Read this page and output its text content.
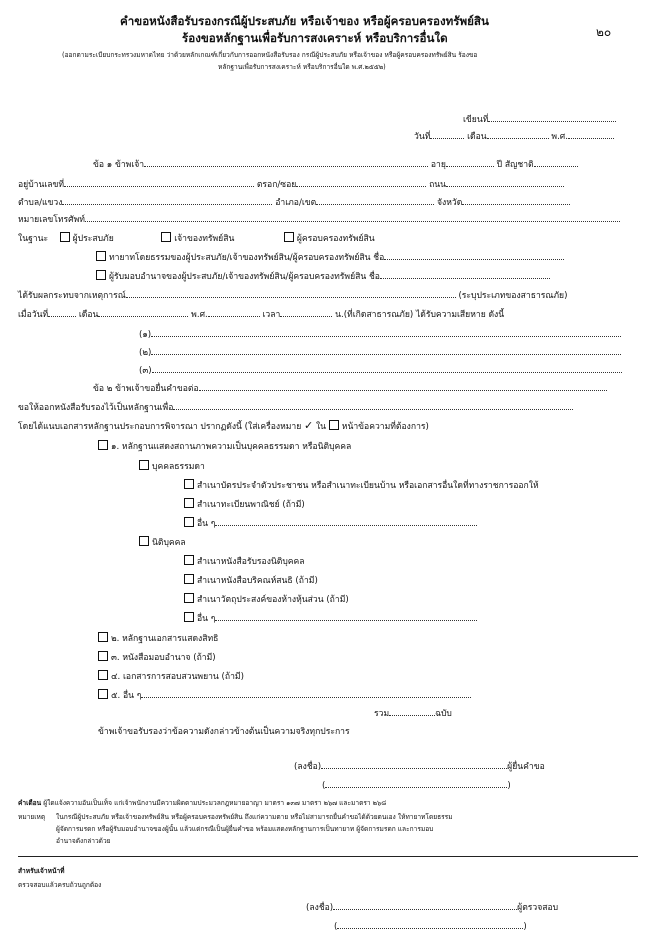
๒๐
คำขอหนังสือรับรองกรณีผู้ประสบภัย หรือเจ้าของ หรือผู้ครอบครองทรัพย์สิน
ร้องขอหลักฐานเพื่อรับการสงเคราะห์ หรือบริการอื่นใด
(ออกตามระเบียบกระทรวงมหาดไทย ว่าด้วยหลักเกณฑ์เกี่ยวกับการออกหนังสือรับรอง กรณีผู้ประสบภัย หรือเจ้าของ หรือผู้ครอบครองทรัพย์สิน ร้องขอ
หลักฐานเพื่อรับการสงเคราะห์ หรือบริการอื่นใด พ.ศ.๒๕๕๒)
เขียนที่
วันที่	เดือน	พ.ศ.
ข้อ ๑ ข้าพเจ้า	อายุ	ปี สัญชาติ
อยู่บ้านเลขที่	ตรอก/ซอย	ถนน
ตำบล/แขวง	อำเภอ/เขต	จังหวัด
หมายเลขโทรศัพท์
ในฐานะ	ผู้ประสบภัย	เจ้าของทรัพย์สิน	ผู้ครอบครองทรัพย์สิน
ทายาทโดยธรรมของผู้ประสบภัย/เจ้าของทรัพย์สิน/ผู้ครอบครองทรัพย์สิน ชื่อ
ผู้รับมอบอำนาจของผู้ประสบภัย/เจ้าของทรัพย์สิน/ผู้ครอบครองทรัพย์สิน ชื่อ
ได้รับผลกระทบจากเหตุการณ์	(ระบุประเภทของสาธารณภัย)
เมื่อวันที่	เดือน	พ.ศ.	เวลา	น.(ที่เกิดสาธารณภัย) ได้รับความเสียหาย ดังนี้
(๑)
(๒)
(๓)
ข้อ ๒ ข้าพเจ้าขอยื่นคำขอต่อ
ขอให้ออกหนังสือรับรองไว้เป็นหลักฐานเพื่อ
โดยได้แนบเอกสารหลักฐานประกอบการพิจารณา ปรากฏดังนี้ (ใส่เครื่องหมาย ✓ ใน หน้าข้อความที่ต้องการ)
๑. หลักฐานแสดงสถานภาพความเป็นบุคคลธรรมดา หรือนิติบุคคล
บุคคลธรรมดา
สำเนาบัตรประจำตัวประชาชน หรือสำเนาทะเบียนบ้าน หรือเอกสารอื่นใดที่ทางราชการออกให้
สำเนาทะเบียนพาณิชย์ (ถ้ามี)
อื่น ๆ
นิติบุคคล
สำเนาหนังสือรับรองนิติบุคคล
สำเนาหนังสือบริคณห์สนธิ (ถ้ามี)
สำเนาวัตถุประสงค์ของห้างหุ้นส่วน (ถ้ามี)
อื่น ๆ
๒. หลักฐานเอกสารแสดงสิทธิ
๓. หนังสือมอบอำนาจ (ถ้ามี)
๔. เอกสารการสอบสวนพยาน (ถ้ามี)
๕. อื่น ๆ
รวม	ฉบับ
ข้าพเจ้าขอรับรองว่าข้อความดังกล่าวข้างต้นเป็นความจริงทุกประการ
(ลงชื่อ)	ผู้ยื่นคำขอ
(	)
คำเตือน ผู้ใดแจ้งความอันเป็นเท็จ แก่เจ้าพนักงานมีความผิดตามประมวลกฎหมายอาญา มาตรา ๑๓๗ มาตรา ๒๖๗ และมาตรา ๒๖๘
หมายเหตุ ในกรณีผู้ประสบภัย หรือเจ้าของทรัพย์สิน หรือผู้ครอบครองทรัพย์สิน ถึงแก่ความตาย หรือไม่สามารถยื่นคำขอได้ด้วยตนเอง ให้ทายาทโดยธรรม
ผู้จัดการมรดก หรือผู้รับมอบอำนาจของผู้นั้น แล้วแต่กรณีเป็นผู้ยื่นคำขอ พร้อมแสดงหลักฐานการเป็นทายาท ผู้จัดการมรดก และการมอบ
อำนาจดังกล่าวด้วย
สำหรับเจ้าหน้าที่
ตรวจสอบแล้วครบถ้วนถูกต้อง
(ลงชื่อ)	ผู้ตรวจสอบ
(	)
